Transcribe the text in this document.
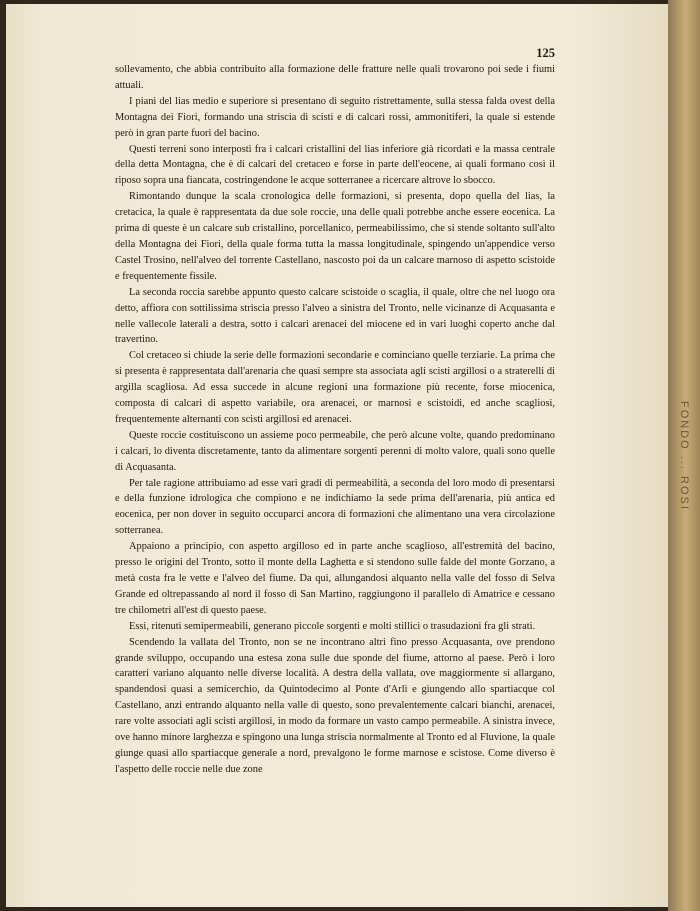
FONDO ... ROSI
125

sollevamento, che abbia contribuito alla formazione delle fratture nelle quali trovarono poi sede i fiumi attuali.

I piani del lias medio e superiore si presentano di seguito ristrettamente, sulla stessa falda ovest della Montagna dei Fiori, formando una striscia di scisti e di calcari rossi, ammonitiferi, la quale si estende però in gran parte fuori del bacino.

Questi terreni sono interposti fra i calcari cristallini del lias inferiore già ricordati e la massa centrale della detta Montagna, che è di calcari del cretaceo e forse in parte dell'eocene, ai quali formano così il riposo sopra una fiancata, costringendone le acque sotterranee a ricercare altrove lo sbocco.

Rimontando dunque la scala cronologica delle formazioni, si presenta, dopo quella del lias, la cretacica, la quale è rappresentata da due sole roccie, una delle quali potrebbe anche essere eocenica. La prima di queste è un calcare sub cristallino, porcellanico, permeabilissimo, che si stende soltanto sull'alto della Montagna dei Fiori, della quale forma tutta la massa longitudinale, spingendo un'appendice verso Castel Trosino, nell'alveo del torrente Castellano, nascosto poi da un calcare marnoso di aspetto scistoide e frequentemente fissile.

La seconda roccia sarebbe appunto questo calcare scistoide o scaglia, il quale, oltre che nel luogo ora detto, affiora con sottilissima striscia presso l'alveo a sinistra del Tronto, nelle vicinanze di Acquasanta e nelle vallecole laterali a destra, sotto i calcari arenacei del miocene ed in vari luoghi coperto anche dal travertino.

Col cretaceo si chiude la serie delle formazioni secondarie e cominciano quelle terziarie. La prima che si presenta è rappresentata dall'arenaria che quasi sempre sta associata agli scisti argillosi o a straterelli di argilla scagliosa. Ad essa succede in alcune regioni una formazione più recente, forse miocenica, composta di calcari di aspetto variabile, ora arenacei, or marnosi e scistoidi, ed anche scagliosi, frequentemente alternanti con scisti argillosi ed arenacei.

Queste roccie costituiscono un assieme poco permeabile, che però alcune volte, quando predominano i calcari, lo diventa discretamente, tanto da alimentare sorgenti perenni di molto valore, quali sono quelle di Acquasanta.

Per tale ragione attribuiamo ad esse vari gradi di permeabilità, a seconda del loro modo di presentarsi e della funzione idrologica che compiono e ne indichiamo la sede prima dell'arenaria, più antica ed eocenica, per non dover in seguito occuparci ancora di formazioni che alimentano una vera circolazione sotterranea.

Appaiono a principio, con aspetto argilloso ed in parte anche scaglioso, all'estremità del bacino, presso le origini del Tronto, sotto il monte della Laghetta e si stendono sulle falde del monte Gorzano, a metà costa fra le vette e l'alveo del fiume. Da qui, allungandosi alquanto nella valle del fosso di Selva Grande ed oltrepassando al nord il fosso di San Martino, raggiungono il parallelo di Amatrice e cessano tre chilometri all'est di questo paese.

Essi, ritenuti semipermeabili, generano piccole sorgenti e molti stillici o trasudazioni fra gli strati.

Scendendo la vallata del Tronto, non se ne incontrano altri fino presso Acquasanta, ove prendono grande sviluppo, occupando una estesa zona sulle due sponde del fiume, attorno al paese. Però i loro caratteri variano alquanto nelle diverse località. A destra della vallata, ove maggiormente si allargano, spandendosi quasi a semicerchio, da Quintodecimo al Ponte d'Arlì e giungendo allo spartiacque col Castellano, anzi entrando alquanto nella valle di questo, sono prevalentemente calcari bianchi, arenacei, rare volte associati agli scisti argillosi, in modo da formare un vasto campo permeabile. A sinistra invece, ove hanno minore larghezza e spingono una lunga striscia normalmente al Tronto ed al Fluvione, la quale giunge quasi allo spartiacque generale a nord, prevalgono le forme marnose e scistose. Come diverso è l'aspetto delle roccie nelle due zone
